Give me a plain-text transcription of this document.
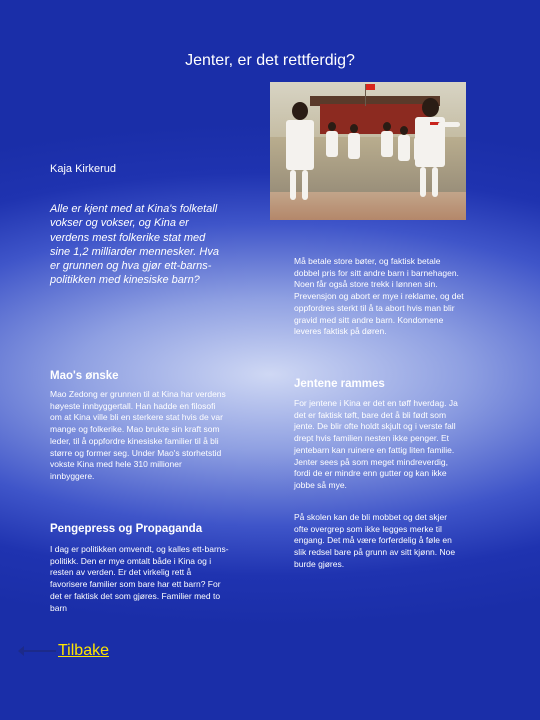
Jenter, er det rettferdig?
Kaja Kirkerud
Alle er kjent med at Kina's folketall vokser og vokser, og Kina er verdens mest folkerike stat med sine 1,2 milliarder mennesker. Hva er grunnen og hva gjør ett-barns-politikken med kinesiske barn?
Mao's ønske
Mao Zedong er grunnen til at Kina har verdens høyeste innbyggertall. Han hadde en filosofi om at Kina ville bli en sterkere stat hvis de var mange og folkerike. Mao brukte sin kraft som leder, til å oppfordre kinesiske familier til å bli større og former seg. Under Mao's storhetstid vokste Kina med hele 310 millioner innbyggere.
Pengepress og Propaganda
I dag er politikken omvendt, og kalles ett-barns-politikk. Den er mye omtalt både i Kina og i resten av verden. Er det virkelig rett å favorisere familier som bare har ett barn? For det er faktisk det som gjøres. Familier med to barn
Tilbake
Må betale store bøter, og faktisk betale dobbel pris for sitt andre barn i barnehagen. Noen får også store trekk i lønnen sin. Prevensjon og abort er mye i reklame, og det oppfordres sterkt til å ta abort hvis man blir gravid med sitt andre barn. Kondomene leveres faktisk på døren.
Jentene rammes
For jentene i Kina er det en tøff hverdag. Ja det er faktisk tøft, bare det å bli født som jente. De blir ofte holdt skjult og i verste fall drept hvis familien nesten ikke penger. Et jentebarn kan ruinere en fattig liten familie. Jenter sees på som meget mindreverdig, fordi de er mindre enn gutter og kan ikke jobbe så mye.
På skolen kan de bli mobbet og det skjer ofte overgrep som ikke legges merke til engang. Det må være forferdelig å føle en slik redsel bare på grunn av sitt kjønn. Noe burde gjøres.
